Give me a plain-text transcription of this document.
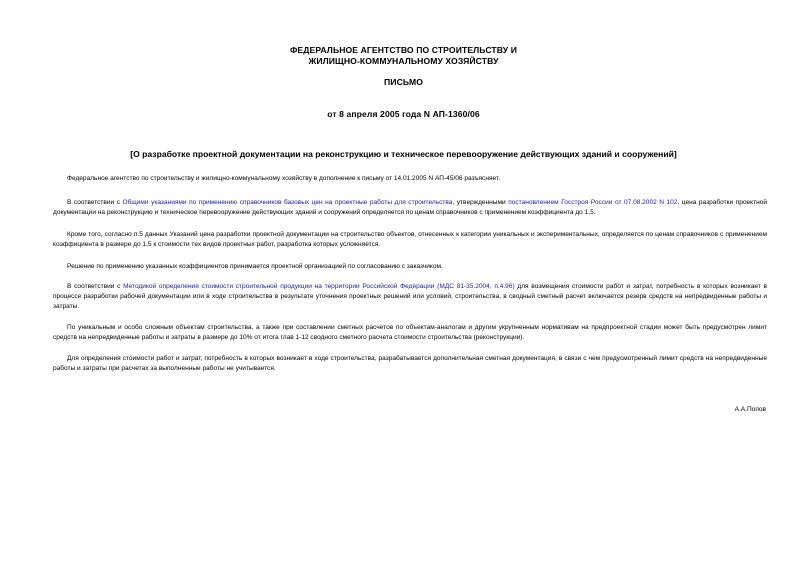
ФЕДЕРАЛЬНОЕ АГЕНТСТВО ПО СТРОИТЕЛЬСТВУ И
ЖИЛИЩНО-КОММУНАЛЬНОМУ ХОЗЯЙСТВУ
ПИСЬМО
от 8 апреля 2005 года N АП-1360/06
[О разработке проектной документации на реконструкцию и техническое перевооружение действующих зданий и сооружений]

Федеральное агентство по строительству и жилищно-коммунальному хозяйству в дополнение к письму от 14.01.2005 N АП-45/06 разъясняет.

В соответствии с Общими указаниями по применению справочников базовых цен на проектные работы для строительства, утвержденными постановлением Госстроя России от 07.08.2002 N 102, цена разработки проектной документации на реконструкцию и техническое перевооружение действующих зданий и сооружений определяется по ценам справочников с применением коэффициента до 1,5.

Кроме того, согласно п.5 данных Указаний цена разработки проектной документации на строительство объектов, отнесенных к категории уникальных и экспериментальных, определяется по ценам справочников с применением коэффициента в размере до 1,5 к стоимости тех видов проектных работ, разработка которых усложняется.

Решение по применению указанных коэффициентов принимается проектной организацией по согласованию с заказчиком.

В соответствии с Методикой определения стоимости строительной продукции на территории Российской Федерации (МДС 81-35.2004, п.4.96) для возмещения стоимости работ и затрат, потребность в которых возникает в процессе разработки рабочей документации или в ходе строительства в результате уточнения проектных решений или условий, строительства, в сводный сметный расчет включается резерв средств на непредвиденные работы и затраты.

По уникальным и особо сложным объектам строительства, а также при составлении сметных расчетов по объектам-аналогам и другим укрупненным нормативам на предпроектной стадии может быть предусмотрен лимит средств на непредвиденные работы и затраты в размере до 10% от итога глав 1-12 сводного сметного расчета стоимости строительства (реконструкции).

Для определения стоимости работ и затрат, потребность в которых возникает в ходе строительства, разрабатывается дополнительная сметная документация, в связи с чем предусмотренный лимит средств на непредвиденные работы и затраты при расчетах за выполненные работы не учитывается.

А.А.Попов
